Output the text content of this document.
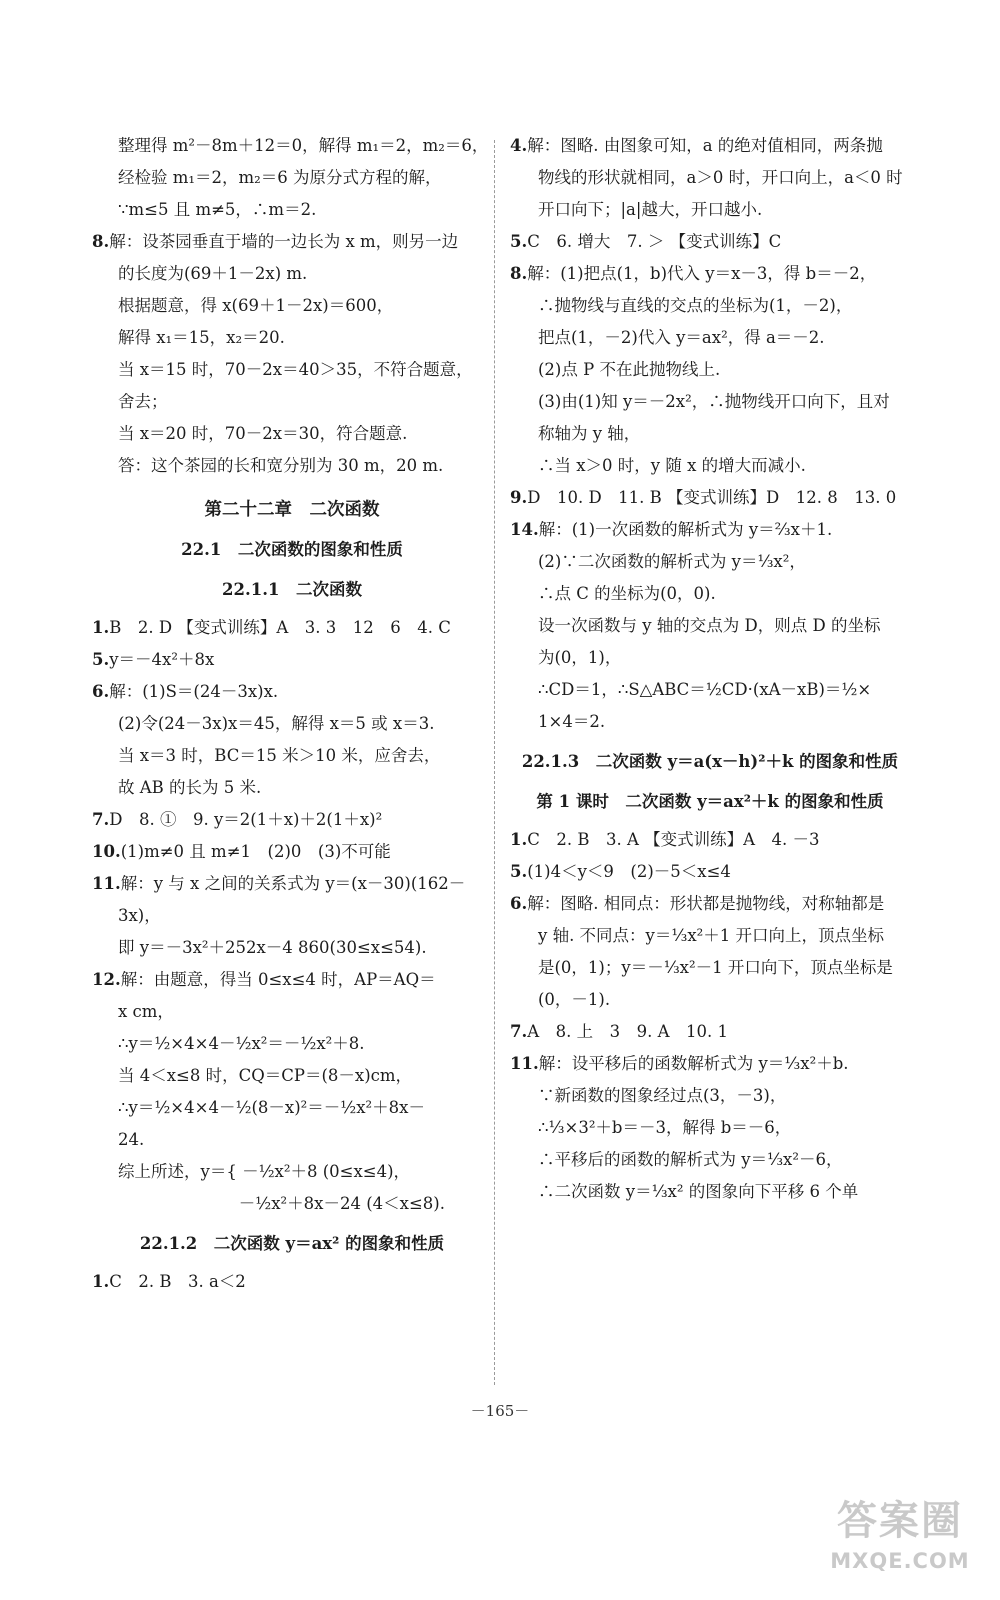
整理得 m²－8m＋12＝0，解得 m₁＝2，m₂＝6，
经检验 m₁＝2，m₂＝6 为原分式方程的解，
∵m≤5 且 m≠5，∴m＝2.
8.解：设茶园垂直于墙的一边长为 x m，则另一边
的长度为(69＋1－2x) m.
根据题意，得 x(69＋1－2x)＝600，
解得 x₁＝15，x₂＝20.
当 x＝15 时，70－2x＝40＞35，不符合题意，
舍去；
当 x＝20 时，70－2x＝30，符合题意.
答：这个茶园的长和宽分别为 30 m，20 m.
第二十二章　二次函数
22.1　二次函数的图象和性质
22.1.1　二次函数
1.B　2. D 【变式训练】A　3. 3　12　6　4. C
5.y＝－4x²＋8x
6.解：(1)S＝(24－3x)x.
(2)令(24－3x)x＝45，解得 x＝5 或 x＝3.
当 x＝3 时，BC＝15 米＞10 米，应舍去，
故 AB 的长为 5 米.
7.D　8. ①　9. y＝2(1＋x)＋2(1＋x)²
10.(1)m≠0 且 m≠1　(2)0　(3)不可能
11.解：y 与 x 之间的关系式为 y＝(x－30)(162－
3x)，
即 y＝－3x²＋252x－4 860(30≤x≤54).
12.解：由题意，得当 0≤x≤4 时，AP＝AQ＝
x cm，
∴y＝½×4×4－½x²＝－½x²＋8.
当 4＜x≤8 时，CQ＝CP＝(8－x)cm，
∴y＝½×4×4－½(8－x)²＝－½x²＋8x－
24.
综上所述，y＝{ －½x²＋8 (0≤x≤4)，
　　　　　　　 －½x²＋8x－24 (4＜x≤8).
22.1.2　二次函数 y＝ax² 的图象和性质
1.C　2. B　3. a＜2
4.解：图略. 由图象可知，a 的绝对值相同，两条抛
物线的形状就相同，a＞0 时，开口向上，a＜0 时
开口向下；|a|越大，开口越小.
5.C　6. 增大　7. ＞ 【变式训练】C
8.解：(1)把点(1，b)代入 y＝x－3，得 b＝－2，
∴抛物线与直线的交点的坐标为(1，－2)，
把点(1，－2)代入 y＝ax²，得 a＝－2.
(2)点 P 不在此抛物线上.
(3)由(1)知 y＝－2x²，∴抛物线开口向下，且对
称轴为 y 轴，
∴当 x＞0 时，y 随 x 的增大而减小.
9.D　10. D　11. B 【变式训练】D　12. 8　13. 0
14.解：(1)一次函数的解析式为 y＝⅔x＋1.
(2)∵二次函数的解析式为 y＝⅓x²，
∴点 C 的坐标为(0，0).
设一次函数与 y 轴的交点为 D，则点 D 的坐标
为(0，1)，
∴CD＝1，∴S△ABC＝½CD·(xA－xB)＝½×
1×4＝2.
22.1.3　二次函数 y＝a(x－h)²＋k 的图象和性质
第 1 课时　二次函数 y＝ax²＋k 的图象和性质
1.C　2. B　3. A 【变式训练】A　4. －3
5.(1)4＜y＜9　(2)－5＜x≤4
6.解：图略. 相同点：形状都是抛物线，对称轴都是
y 轴. 不同点：y＝⅓x²＋1 开口向上，顶点坐标
是(0，1)；y＝－⅓x²－1 开口向下，顶点坐标是
(0，－1).
7.A　8. 上　3　9. A　10. 1
11.解：设平移后的函数解析式为 y＝⅓x²＋b.
∵新函数的图象经过点(3，－3)，
∴⅓×3²＋b＝－3，解得 b＝－6，
∴平移后的函数的解析式为 y＝⅓x²－6，
∴二次函数 y＝⅓x² 的图象向下平移 6 个单
－165－
答案圈
MXQE.COM
